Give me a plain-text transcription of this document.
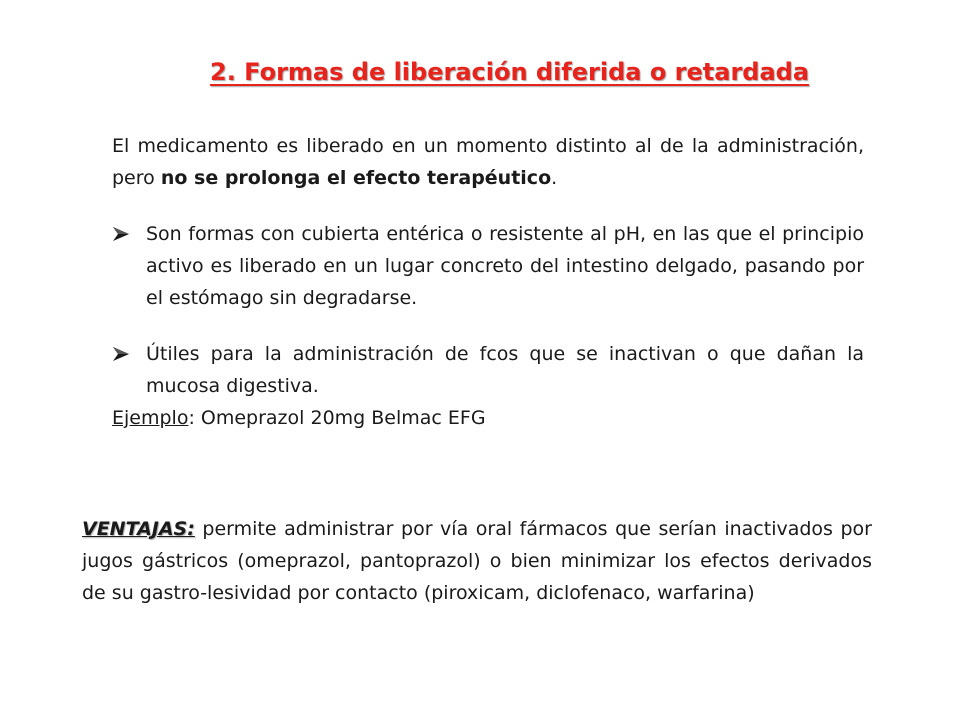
2. Formas de liberación diferida o retardada

El medicamento es liberado en un momento distinto al de la administración, pero no se prolonga el efecto terapéutico.

Son formas con cubierta entérica o resistente al pH, en las que el principio activo es liberado en un lugar concreto del intestino delgado, pasando por el estómago sin degradarse.
Útiles para la administración de fcos que se inactivan o que dañan la mucosa digestiva.
Ejemplo: Omeprazol 20mg Belmac EFG
VENTAJAS: permite administrar por vía oral fármacos que serían inactivados por jugos gástricos (omeprazol, pantoprazol) o bien minimizar los efectos derivados de su gastro-lesividad por contacto (piroxicam, diclofenaco, warfarina)
